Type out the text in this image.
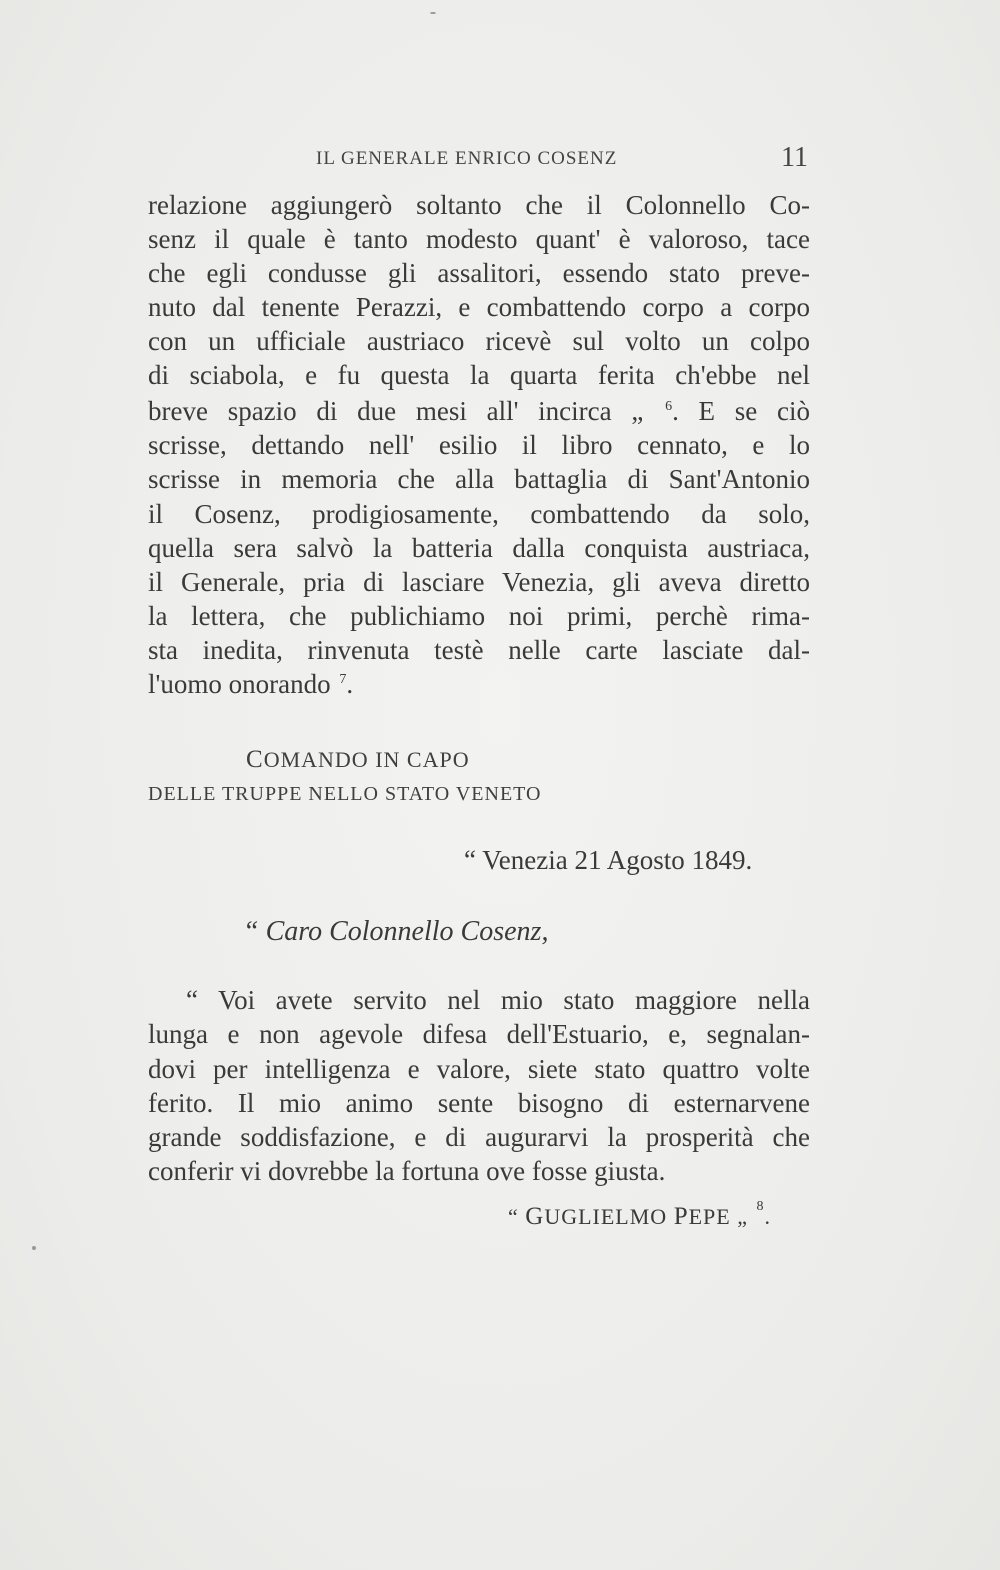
IL GENERALE ENRICO COSENZ	11
relazione aggiungerò soltanto che il Colonnello Co-
senz il quale è tanto modesto quant' è valoroso, tace
che egli condusse gli assalitori, essendo stato preve-
nuto dal tenente Perazzi, e combattendo corpo a corpo
con un ufficiale austriaco ricevè sul volto un colpo
di sciabola, e fu questa la quarta ferita ch'ebbe nel
breve spazio di due mesi all' incirca „ $^6$. E se ciò
scrisse, dettando nell' esilio il libro cennato, e lo
scrisse in memoria che alla battaglia di Sant'Antonio
il Cosenz, prodigiosamente, combattendo da solo,
quella sera salvò la batteria dalla conquista austriaca,
il Generale, pria di lasciare Venezia, gli aveva diretto
la lettera, che publichiamo noi primi, perchè rima-
sta inedita, rinvenuta testè nelle carte lasciate dal-
l'uomo onorando $^7$.
COMANDO IN CAPO
DELLE TRUPPE NELLO STATO VENETO
“ Venezia 21 Agosto 1849.
“ Caro Colonnello Cosenz,
“ Voi avete servito nel mio stato maggiore nella
lunga e non agevole difesa dell'Estuario, e, segnalan-
dovi per intelligenza e valore, siete stato quattro volte
ferito. Il mio animo sente bisogno di esternarvene
grande soddisfazione, e di augurarvi la prosperità che
conferir vi dovrebbe la fortuna ove fosse giusta.
“ GUGLIELMO PEPE „ $^8$.
